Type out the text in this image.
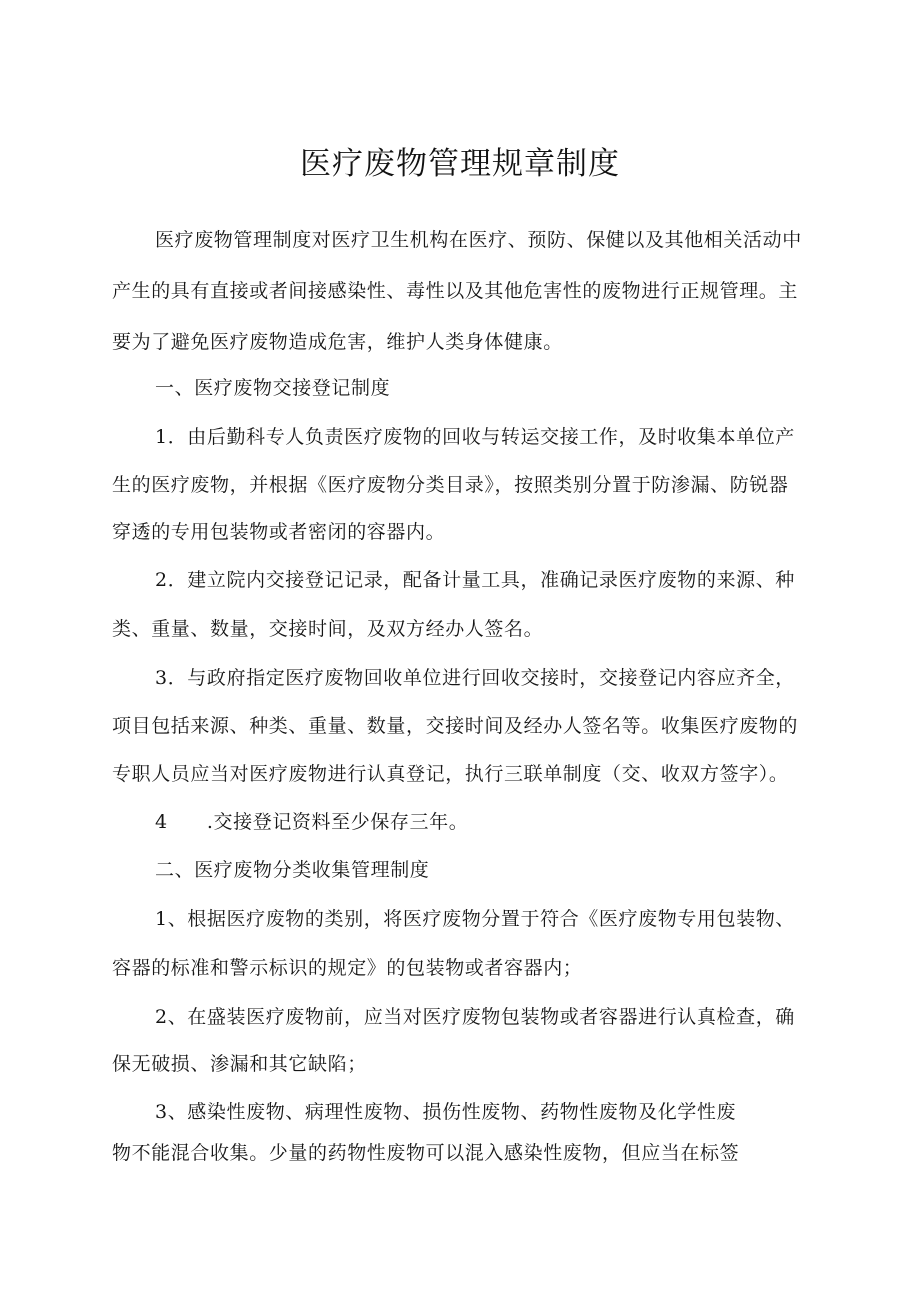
医疗废物管理规章制度
医疗废物管理制度对医疗卫生机构在医疗、预防、保健以及其他相关活动中
产生的具有直接或者间接感染性、毒性以及其他危害性的废物进行正规管理。主
要为了避免医疗废物造成危害，维护人类身体健康。
一、医疗废物交接登记制度
1．由后勤科专人负责医疗废物的回收与转运交接工作，及时收集本单位产
生的医疗废物，并根据《医疗废物分类目录》，按照类别分置于防渗漏、防锐器
穿透的专用包装物或者密闭的容器内。
2．建立院内交接登记记录，配备计量工具，准确记录医疗废物的来源、种
类、重量、数量，交接时间，及双方经办人签名。
3．与政府指定医疗废物回收单位进行回收交接时，交接登记内容应齐全，
项目包括来源、种类、重量、数量，交接时间及经办人签名等。收集医疗废物的
专职人员应当对医疗废物进行认真登记，执行三联单制度（交、收双方签字）。
4　　.交接登记资料至少保存三年。
二、医疗废物分类收集管理制度
1、根据医疗废物的类别，将医疗废物分置于符合《医疗废物专用包装物、
容器的标准和警示标识的规定》的包装物或者容器内；
2、在盛装医疗废物前，应当对医疗废物包装物或者容器进行认真检查，确
保无破损、渗漏和其它缺陷；
3、感染性废物、病理性废物、损伤性废物、药物性废物及化学性废
物不能混合收集。少量的药物性废物可以混入感染性废物，但应当在标签
